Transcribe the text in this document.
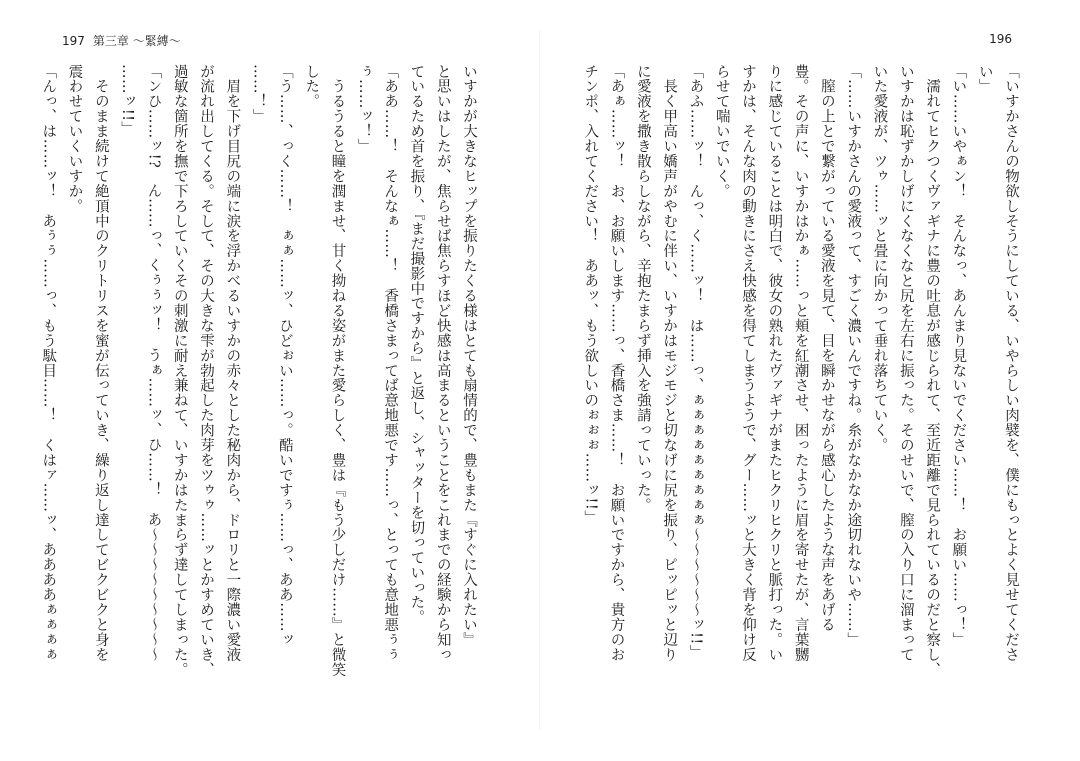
197 第三章 〜緊縛〜

いすかが大きなヒップを振りたくる様はとても扇情的で、豊もまた『すぐに入れたい』

と思いはしたが、焦らせば焦らすほど快感は高まるということをこれまでの経験から知っ

ているため首を振り、『まだ撮影中ですから』と返し、シャッターを切っていった。

「ああ……！　そんなぁ……！　香橋さまってば意地悪です……っ、とっても意地悪ぅぅ

ぅ……ッ！」

　うるうると瞳を潤ませ、甘く拗ねる姿がまた愛らしく、豊は『もう少しだけ……』と微笑

した。

「う……、っく……！　ぁぁ……ッ、ひどぉい……っ。酷いですぅ……っ、ああ……ッ

……！」

　眉を下げ目尻の端に涙を浮かべるいすかの赤々とした秘肉から、ドロリと一際濃い愛液

が流れ出してくる。そして、その大きな雫が勃起した肉芽をツゥゥ……ッとかすめていき、

過敏な箇所を撫で下ろしていくその刺激に耐え兼ねて、いすかはたまらず達してしまった。

「ンひ……ッ!?　ん……っ、くぅぅッ！　うぁ……ッ、ひ……！　あ〜〜〜〜〜〜〜〜〜

……ッ!!」

　そのまま続けて絶頂中のクリトリスを蜜が伝っていき、繰り返し達してビクビクと身を

震わせていくいすか。

「んっ、は……ッ！　あぅぅ……っ、もう駄目……！　くはァ……ッ、ああああぁぁぁぁ

196

「いすかさんの物欲しそうにしている、いやらしい肉襞を、僕にもっとよく見せてくださ

い」

「い……いやぁン！　そんなっ、あんまり見ないでください……！　お願い……っ！」

　濡れてヒクつくヴァギナに豊の吐息が感じられて、至近距離で見られているのだと察し、

いすかは恥ずかしげにくなくなと尻を左右に振った。そのせいで、膣の入り口に溜まって

いた愛液が、ツゥ……ッと畳に向かって垂れ落ちていく。

「……いすかさんの愛液って、すごく濃いんですね。糸がなかなか途切れないや……」

　膣の上とで繋がっている愛液を見て、目を瞬かせながら感心したような声をあげる

豊。その声に、いすかはかぁ……っと頬を紅潮させ、困ったように眉を寄せたが、言葉嬲

りに感じていることは明白で、彼女の熟れたヴァギナがまたヒクリヒクリと脈打った。い

すかは、そんな肉の動きにさえ快感を得てしまうようで、グー……ッと大きく背を仰け反

らせて喘いでいく。

「あふ……ッ！　んっ、く……ッ！　は……っ、ぁぁぁぁぁぁぁぁぁ〜〜〜〜〜〜ッ!!」

　長く甲高い嬌声がやむに伴い、いすかはモジモジと切なげに尻を振り、ピッピッと辺り

に愛液を撒き散らしながら、辛抱たまらず挿入を強請っていった。

「あぁ……ッ！　お、お願いします……っ、香橋さま……！　お願いですから、貴方のお

チンポ、入れてください！　ああッ、もう欲しいのぉぉぉ……ッ!!」
